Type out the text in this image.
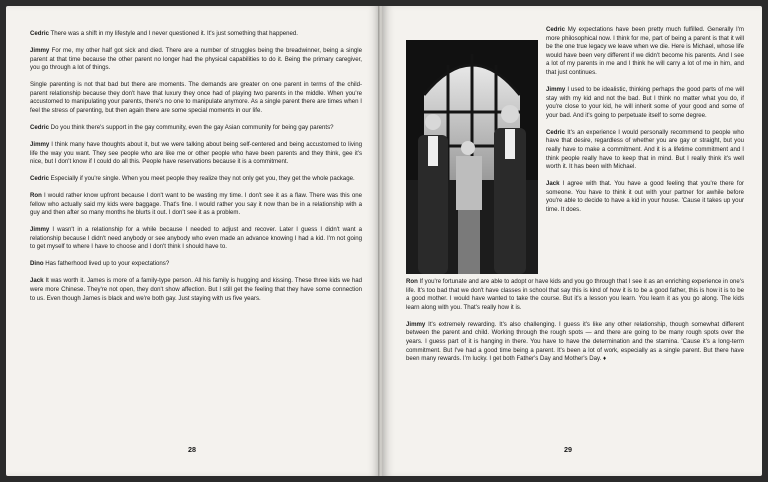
Cedric There was a shift in my lifestyle and I never questioned it. It's just something that happened.

Jimmy For me, my other half got sick and died. There are a number of struggles being the breadwinner, being a single parent at that time because the other parent no longer had the physical capabilities to do it. Being the primary caregiver, you go through a lot of things.

Single parenting is not that bad but there are moments. The demands are greater on one parent in terms of the child-parent relationship because they don't have that luxury they once had of playing two parents in the middle. When you're accustomed to manipulating your parents, there's no one to manipulate anymore. As a single parent there are times when I feel the stress of parenting, but then again there are some special moments in our life.

Cedric Do you think there's support in the gay community, even the gay Asian community for being gay parents?

Jimmy I think many have thoughts about it, but we were talking about being self-centered and being accustomed to living life the way you want. They see people who are like me or other people who have been parents and they think, gee it's nice, but I don't know if I could do all this. People have reservations because it is a commitment.

Cedric Especially if you're single. When you meet people they realize they not only get you, they get the whole package.

Ron I would rather know upfront because I don't want to be wasting my time. I don't see it as a flaw. There was this one fellow who actually said my kids were baggage. That's fine. I would rather you say it now than be in a relationship with a guy and then after so many months he blurts it out. I don't see it as a problem.

Jimmy I wasn't in a relationship for a while because I needed to adjust and recover. Later I guess I didn't want a relationship because I didn't need anybody or see anybody who even made an advance knowing I had a kid. I'm not going to get myself to where I have to choose and I don't think I should have to.

Dino Has fatherhood lived up to your expectations?

Jack It was worth it. James is more of a family-type person. All his family is hugging and kissing. These three kids we had were more Chinese. They're not open, they don't show affection. But I still get the feeling that they have some connection to us. Even though James is black and we're both gay. Just staying with us five years.

28

Cedric My expectations have been pretty much fulfilled. Generally I'm more philosophical now. I think for me, part of being a parent is that it will be the one true legacy we leave when we die. Here is Michael, whose life would have been very different if we didn't become his parents. And I see a lot of my parents in me and I think he will carry a lot of me in him, and that just continues.

Jimmy I used to be idealistic, thinking perhaps the good parts of me will stay with my kid and not the bad. But I think no matter what you do, if you're close to your kid, he will inherit some of your good and some of your bad. And it's going to perpetuate itself to some degree.

Cedric It's an experience I would personally recommend to people who have that desire, regardless of whether you are gay or straight, but you really have to make a commitment. And it is a lifetime commitment and I think people really have to keep that in mind. But I really think it's well worth it. It has been with Michael.

Jack I agree with that. You have a good feeling that you're there for someone. You have to think it out with your partner for awhile before you're able to decide to have a kid in your house. 'Cause it takes up your time. It does.

Ron If you're fortunate and are able to adopt or have kids and you go through that I see it as an enriching experience in one's life. It's too bad that we don't have classes in school that say this is kind of how it is to be a good father, this is how it is to be a good mother. I would have wanted to take the course. But it's a lesson you learn. You learn it as you go along. The kids learn along with you. That's really how it is.

Jimmy It's extremely rewarding. It's also challenging. I guess it's like any other relationship, though somewhat different between the parent and child. Working through the rough spots — and there are going to be many rough spots over the years. I guess part of it is hanging in there. You have to have the determination and the stamina. 'Cause it's a long-term commitment. But I've had a good time being a parent. It's been a lot of work, especially as a single parent. But there have been many rewards. I'm lucky. I get both Father's Day and Mother's Day. ♦

29
